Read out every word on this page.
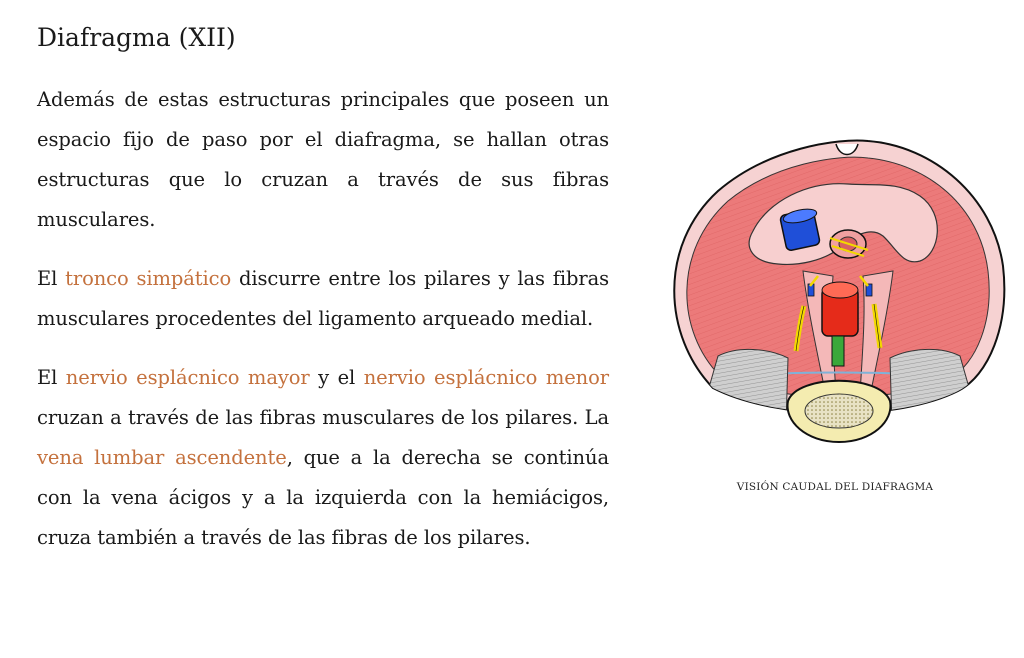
Diafragma (XII)

Además de estas estructuras principales que poseen un espacio fijo de paso por el diafragma, se hallan otras estructuras que lo cruzan a través de sus fibras musculares.

El tronco simpático discurre entre los pilares y las fibras musculares procedentes del ligamento arqueado medial.

El nervio esplácnico mayor y el nervio esplácnico menor cruzan a través de las fibras musculares de los pilares. La vena lumbar ascendente, que a la derecha se continúa con la vena ácigos y a la izquierda con la hemiácigos, cruza también a través de las fibras de los pilares.

VISIÓN CAUDAL DEL DIAFRAGMA
